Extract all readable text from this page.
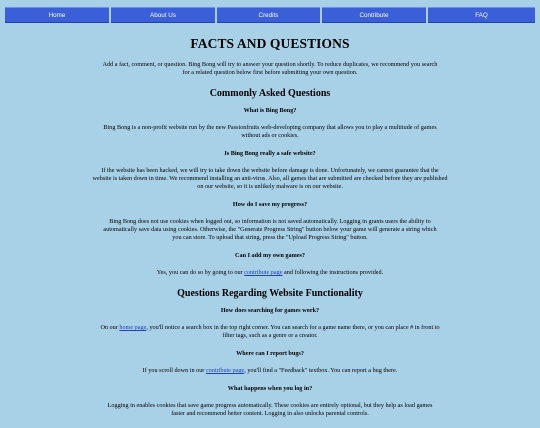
Home	About Us	Credits	Contribute	FAQ
FACTS AND QUESTIONS

Add a fact, comment, or question. Bing Bong will try to answer your question shortly. To reduce duplicates, we recommend you search for a related question below first before submitting your own question.

Commonly Asked Questions
What is Bing Bong?

Bing Bong is a non-profit website run by the new Passionfruits web-developing company that allows you to play a multitude of games without ads or cookies.

Is Bing Bong really a safe website?

If the website has been hacked, we will try to take down the website before damage is done. Unfortunately, we cannot guarantee that the website is taken down in time. We recommend installing an anti-virus. Also, all games that are submitted are checked before they are published on our website, so it is unlikely malware is on our website.

How do I save my progress?

Bing Bong does not use cookies when logged out, so information is not saved automatically. Logging in grants users the ability to automatically save data using cookies. Otherwise, the "Generate Progress String" button below your game will generate a string which you can store. To upload that string, press the "Upload Progress String" button.

Can I add my own games?

Yes, you can do so by going to our contribute page and following the instructions provided.

Questions Regarding Website Functionality
How does searching for games work?

On our home page, you'll notice a search box in the top right corner. You can search for a game name there, or you can place # in front to filter tags, such as a genre or a creator.

Where can I report bugs?

If you scroll down in our contribute page, you'll find a "Feedback" textbox. You can report a bug there.

What happens when you log in?

Logging in enables cookies that save game progress automatically. These cookies are entirely optional, but they help as load games faster and recommend better content. Logging in also unlocks parental controls.
